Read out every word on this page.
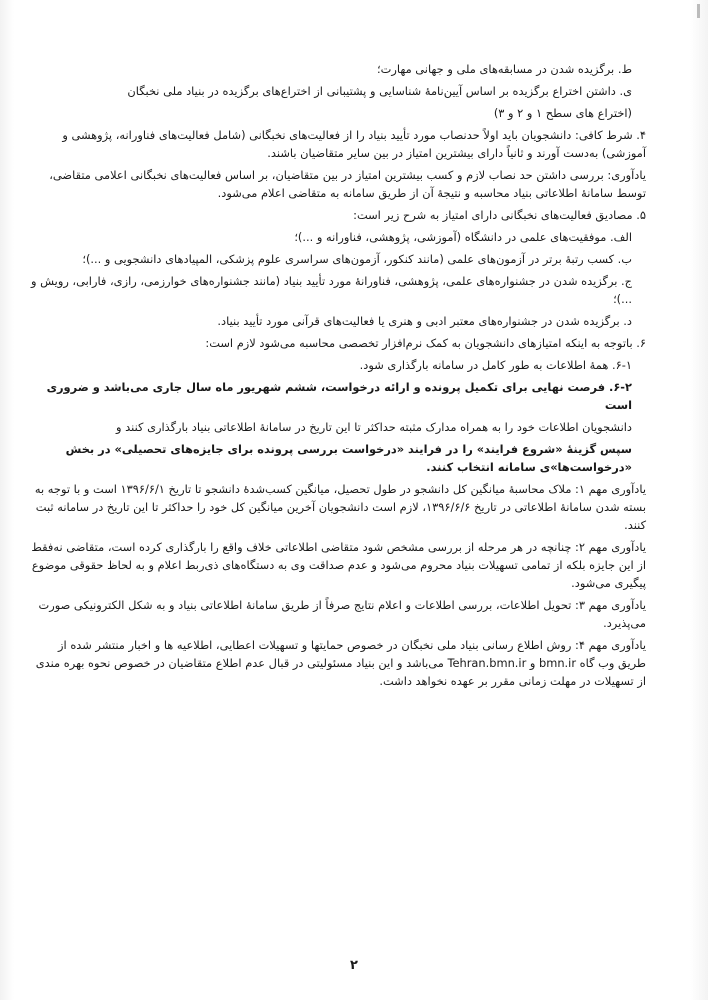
ط. برگزیده شدن در مسابقه‌های ملی و جهانی مهارت؛
ی. داشتن اختراع برگزیده بر اساس آیین‌نامهٔ شناسایی و پشتیبانی از اختراع‌های برگزیده در بنیاد ملی نخبگان
(اختراع های سطح ۱ و ۲ و ۳)
۴. شرط کافی: دانشجویان باید اولاً حدنصاب مورد تأیید بنیاد را از فعالیت‌های نخبگانی (شامل فعالیت‌های فناورانه، پژوهشی و آموزشی) به‌دست آورند و ثانیاً دارای بیشترین امتیاز در بین سایر متقاضیان باشند.
یادآوری: بررسی داشتن حد نصاب لازم و کسب بیشترین امتیاز در بین متقاضیان، بر اساس فعالیت‌های نخبگانی اعلامی متقاضی، توسط سامانهٔ اطلاعاتی بنیاد محاسبه و نتیجهٔ آن از طریق سامانه به متقاضی اعلام می‌شود.
۵. مصادیق فعالیت‌های نخبگانی دارای امتیاز به شرح زیر است:
الف. موفقیت‌های علمی در دانشگاه (آموزشی، پژوهشی، فناورانه و ...)؛
ب. کسب رتبهٔ برتر در آزمون‌های علمی (مانند کنکور، آزمون‌های سراسری علوم پزشکی، المپیادهای دانشجویی و ...)؛
ج. برگزیده شدن در جشنواره‌های علمی، پژوهشی، فناورانهٔ مورد تأیید بنیاد (مانند جشنواره‌های خوارزمی، رازی، فارابی، رویش و ...)؛
د. برگزیده شدن در جشنواره‌های معتبر ادبی و هنری یا فعالیت‌های قرآنی مورد تأیید بنیاد.
۶. باتوجه به اینکه امتیازهای دانشجویان به کمک نرم‌افزار تخصصی محاسبه می‌شود لازم است:
۶-۱. همهٔ اطلاعات به طور کامل در سامانه بارگذاری شود.
۶-۲. فرصت نهایی برای تکمیل پرونده و ارائه درخواست، ششم شهریور ماه سال جاری می‌باشد و ضروری است
دانشجویان اطلاعات خود را به همراه مدارک مثبته حداکثر تا این تاریخ در سامانهٔ اطلاعاتی بنیاد بارگذاری کنند و
سپس گزینهٔ «شروع فرایند» را در فرایند «درخواست بررسی پرونده برای جایزه‌های تحصیلی» در بخش «درخواست‌ها»ی سامانه انتخاب کنند.
یادآوری مهم ۱: ملاک محاسبهٔ میانگین کل دانشجو در طول تحصیل، میانگین کسب‌شدهٔ دانشجو تا تاریخ ۱۳۹۶/۶/۱ است و با توجه به بسته شدن سامانهٔ اطلاعاتی در تاریخ ۱۳۹۶/۶/۶، لازم است دانشجویان آخرین میانگین کل خود را حداکثر تا این تاریخ در سامانه ثبت کنند.
یادآوری مهم ۲: چنانچه در هر مرحله از بررسی مشخص شود متقاضی اطلاعاتی خلاف واقع را بارگذاری کرده است، متقاضی نه‌فقط از این جایزه بلکه از تمامی تسهیلات بنیاد محروم می‌شود و عدم صداقت وی به دستگاه‌های ذی‌ربط اعلام و به لحاظ حقوقی موضوع پیگیری می‌شود.
یادآوری مهم ۳: تحویل اطلاعات، بررسی اطلاعات و اعلام نتایج صرفاً از طریق سامانهٔ اطلاعاتی بنیاد و به شکل الکترونیکی صورت می‌پذیرد.
یادآوری مهم ۴: روش اطلاع رسانی بنیاد ملی نخبگان در خصوص حمایتها و تسهیلات اعطایی، اطلاعیه ها و اخبار منتشر شده از طریق وب گاه bmn.ir و Tehran.bmn.ir می‌باشد و این بنیاد مسئولیتی در قبال عدم اطلاع متقاضیان در خصوص نحوه بهره مندی از تسهیلات در مهلت زمانی مقرر بر عهده نخواهد داشت.
۲
